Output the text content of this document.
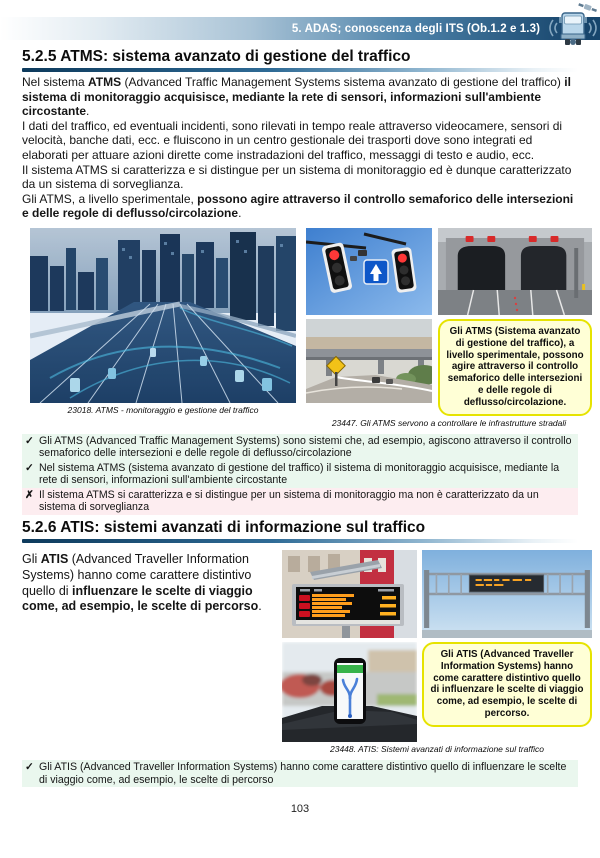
5. ADAS; conoscenza degli ITS (Ob.1.2 e 1.3)
5.2.5 ATMS: sistema avanzato di gestione del traffico

Nel sistema ATMS (Advanced Traffic Management Systems sistema avanzato di gestione del traffico) il sistema di monitoraggio acquisisce, mediante la rete di sensori, informazioni sull'ambiente circostante.

I dati del traffico, ed eventuali incidenti, sono rilevati in tempo reale attraverso videocamere, sensori di velocità, banche dati, ecc. e fluiscono in un centro gestionale dei trasporti dove sono integrati ed elaborati per attuare azioni dirette come instradazioni del traffico, messaggi di testo e audio, ecc.

Il sistema ATMS si caratterizza e si distingue per un sistema di monitoraggio ed è dunque caratterizzato da un sistema di sorveglianza.

Gli ATMS, a livello sperimentale, possono agire attraverso il controllo semaforico delle intersezioni e delle regole di deflusso/circolazione.

23018. ATMS - monitoraggio e gestione del traffico
Gli ATMS (Sistema avanzato di gestione del traffico), a livello sperimentale, possono agire attraverso il controllo semaforico delle intersezioni e delle regole di deflusso/circolazione.
23447. Gli ATMS servono a controllare le infrastrutture stradali
✓ Gli ATMS (Advanced Traffic Management Systems) sono sistemi che, ad esempio, agiscono attraverso il controllo semaforico delle intersezioni e delle regole di deflusso/circolazione
✓ Nel sistema ATMS (sistema avanzato di gestione del traffico) il sistema di monitoraggio acquisisce, mediante la rete di sensori, informazioni sull'ambiente circostante
✗ Il sistema ATMS si caratterizza e si distingue per un sistema di monitoraggio ma non è caratterizzato da un sistema di sorveglianza
5.2.6 ATIS: sistemi avanzati di informazione sul traffico
Gli ATIS (Advanced Traveller Information Systems) hanno come carattere distintivo quello di influenzare le scelte di viaggio come, ad esempio, le scelte di percorso.
Gli ATIS (Advanced Traveller Information Systems) hanno come carattere distintivo quello di influenzare le scelte di viaggio come, ad esempio, le scelte di percorso.
23448. ATIS: Sistemi avanzati di informazione sul traffico
✓ Gli ATIS (Advanced Traveller Information Systems) hanno come carattere distintivo quello di influenzare le scelte di viaggio come, ad esempio, le scelte di percorso
103
